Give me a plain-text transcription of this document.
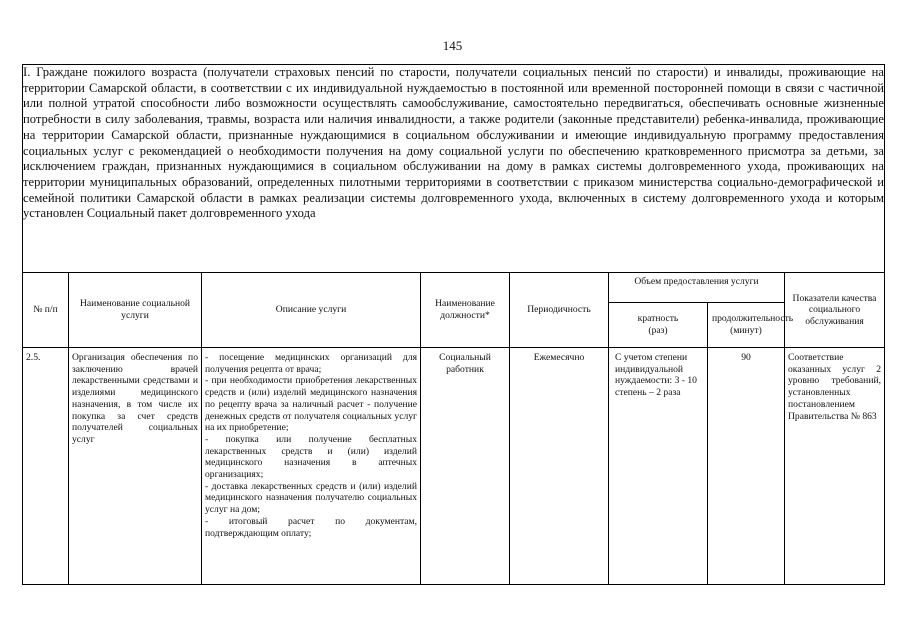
145
I. Граждане пожилого возраста (получатели страховых пенсий по старости, получатели социальных пенсий по старости) и инвалиды, проживающие на территории Самарской области, в соответствии с их индивидуальной нуждаемостью в постоянной или временной посторонней помощи в связи с частичной или полной утратой способности либо возможности осуществлять самообслуживание, самостоятельно передвигаться, обеспечивать основные жизненные потребности в силу заболевания, травмы, возраста или наличия инвалидности, а также родители (законные представители) ребенка-инвалида, проживающие на территории Самарской области, признанные нуждающимися в социальном обслуживании и имеющие индивидуальную программу предоставления социальных услуг с рекомендацией о необходимости получения на дому социальной услуги по обеспечению кратковременного присмотра за детьми, за исключением граждан, признанных нуждающимися в социальном обслуживании на дому в рамках системы долговременного ухода, проживающих на территории муниципальных образований, определенных пилотными территориями в соответствии с приказом министерства социально-демографической и семейной политики Самарской области в рамках реализации системы долговременного ухода, включенных в систему долговременного ухода и которым установлен Социальный пакет долговременного ухода							
№ п/п	Наименование социальной услуги	Описание услуги	Наименование должности*	Периодичность	Объем предоставления услуги		Показатели качества социального обслуживания
					кратность (раз)	продолжительность (минут)	
2.5.	Организация обеспечения по заключению врачей лекарственными средствами и изделиями медицинского назначения, в том числе их покупка за счет средств получателей социальных услуг	- посещение медицинских организаций для получения рецепта от врача;
- при необходимости приобретения лекарственных средств и (или) изделий медицинского назначения по рецепту врача за наличный расчет - получение денежных средств от получателя социальных услуг на их приобретение;
- покупка или получение бесплатных лекарственных средств и (или) изделий медицинского назначения в аптечных организациях;
- доставка лекарственных средств и (или) изделий медицинского назначения получателю социальных услуг на дом;
- итоговый расчет по документам, подтверждающим оплату;	Социальный работник	Ежемесячно	С учетом степени индивидуальной нуждаемости: 3 - 10 степень – 2 раза	90	Соответствие оказанных услуг 2 уровню требований, установленных постановлением Правительства № 863
